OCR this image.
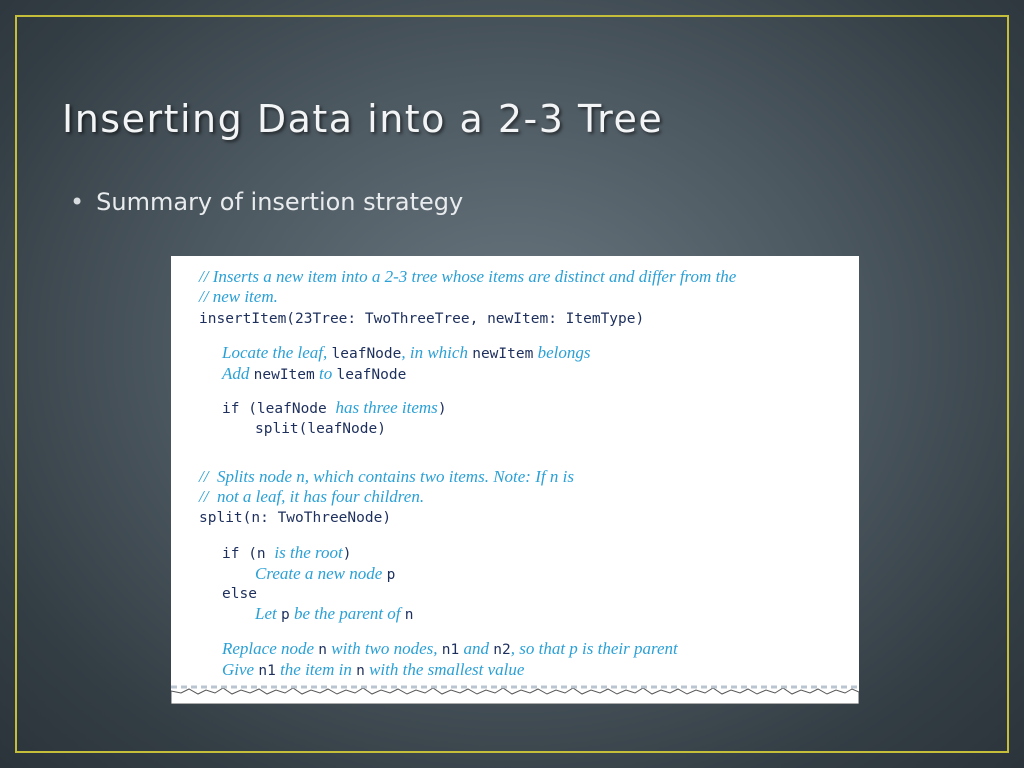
Inserting Data into a 2-3 Tree
• Summary of insertion strategy
// Inserts a new item into a 2-3 tree whose items are distinct and differ from the
// new item.
insertItem(23Tree: TwoThreeTree, newItem: ItemType)
Locate the leaf, leafNode, in which newItem belongs
Add newItem to leafNode
if (leafNode has three items)
split(leafNode)
//  Splits node n, which contains two items. Note: If n is
//  not a leaf, it has four children.
split(n: TwoThreeNode)
if (n is the root)
Create a new node p
else
Let p be the parent of n
Replace node n with two nodes, n1 and n2, so that p is their parent
Give n1 the item in n with the smallest value
